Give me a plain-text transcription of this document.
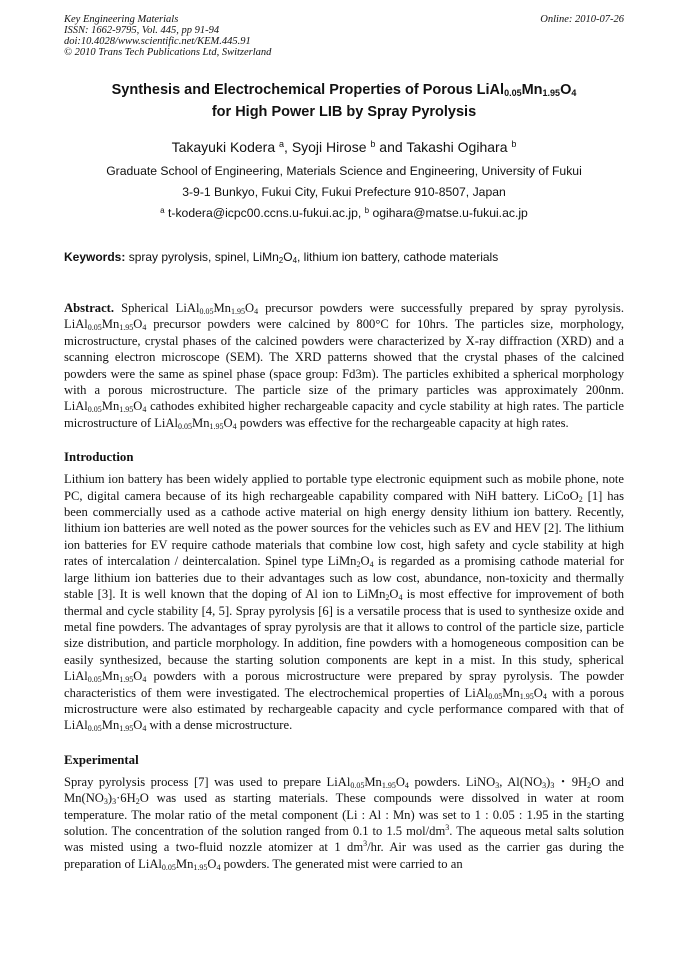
Key Engineering Materials
ISSN: 1662-9795, Vol. 445, pp 91-94
doi:10.4028/www.scientific.net/KEM.445.91
© 2010 Trans Tech Publications Ltd, Switzerland
Online: 2010-07-26
Synthesis and Electrochemical Properties of Porous $LiAl_{0.05}Mn_{1.95}O_4$
for High Power LIB by Spray Pyrolysis
Takayuki Kodera $^a$, Syoji Hirose $^b$ and Takashi Ogihara $^b$
Graduate School of Engineering, Materials Science and Engineering, University of Fukui
3-9-1 Bunkyo, Fukui City, Fukui Prefecture 910-8507, Japan
$^a$ t-kodera@icpc00.ccns.u-fukui.ac.jp, $^b$ ogihara@matse.u-fukui.ac.jp
Keywords: spray pyrolysis, spinel, $LiMn_2O_4$, lithium ion battery, cathode materials

Abstract. Spherical $LiAl_{0.05}Mn_{1.95}O_4$ precursor powders were successfully prepared by spray pyrolysis. $LiAl_{0.05}Mn_{1.95}O_4$ precursor powders were calcined by 800°C for 10hrs. The particles size, morphology, microstructure, crystal phases of the calcined powders were characterized by X-ray diffraction (XRD) and a scanning electron microscope (SEM). The XRD patterns showed that the crystal phases of the calcined powders were the same as spinel phase (space group: Fd3m). The particles exhibited a spherical morphology with a porous microstructure. The particle size of the primary particles was approximately 200nm. $LiAl_{0.05}Mn_{1.95}O_4$ cathodes exhibited higher rechargeable capacity and cycle stability at high rates. The particle microstructure of $LiAl_{0.05}Mn_{1.95}O_4$ powders was effective for the rechargeable capacity at high rates.

Introduction

Lithium ion battery has been widely applied to portable type electronic equipment such as mobile phone, note PC, digital camera because of its high rechargeable capability compared with NiH battery. LiCoO$_2$ [1] has been commercially used as a cathode active material on high energy density lithium ion battery. Recently, lithium ion batteries are well noted as the power sources for the vehicles such as EV and HEV [2]. The lithium ion batteries for EV require cathode materials that combine low cost, high safety and cycle stability at high rates of intercalation / deintercalation. Spinel type $LiMn_2O_4$ is regarded as a promising cathode material for large lithium ion batteries due to their advantages such as low cost, abundance, non-toxicity and thermally stable [3]. It is well known that the doping of Al ion to $LiMn_2O_4$ is most effective for improvement of both thermal and cycle stability [4, 5]. Spray pyrolysis [6] is a versatile process that is used to synthesize oxide and metal fine powders. The advantages of spray pyrolysis are that it allows to control of the particle size, particle size distribution, and particle morphology. In addition, fine powders with a homogeneous composition can be easily synthesized, because the starting solution components are kept in a mist. In this study, spherical $LiAl_{0.05}Mn_{1.95}O_4$ powders with a porous microstructure were prepared by spray pyrolysis. The powder characteristics of them were investigated. The electrochemical properties of $LiAl_{0.05}Mn_{1.95}O_4$ with a porous microstructure were also estimated by rechargeable capacity and cycle performance compared with that of $LiAl_{0.05}Mn_{1.95}O_4$ with a dense microstructure.

Experimental

Spray pyrolysis process [7] was used to prepare $LiAl_{0.05}Mn_{1.95}O_4$ powders. LiNO$_3$, $Al(NO_3)_3$・$9H_2O$ and $Mn(NO_3)_3\cdot 6H_2O$ was used as starting materials. These compounds were dissolved in water at room temperature. The molar ratio of the metal component (Li : Al : Mn) was set to 1 : 0.05 : 1.95 in the starting solution. The concentration of the solution ranged from 0.1 to 1.5 mol/$dm^3$. The aqueous metal salts solution was misted using a two-fluid nozzle atomizer at 1 $dm^3/hr$. Air was used as the carrier gas during the preparation of $LiAl_{0.05}Mn_{1.95}O_4$ powders. The generated mist were carried to an
